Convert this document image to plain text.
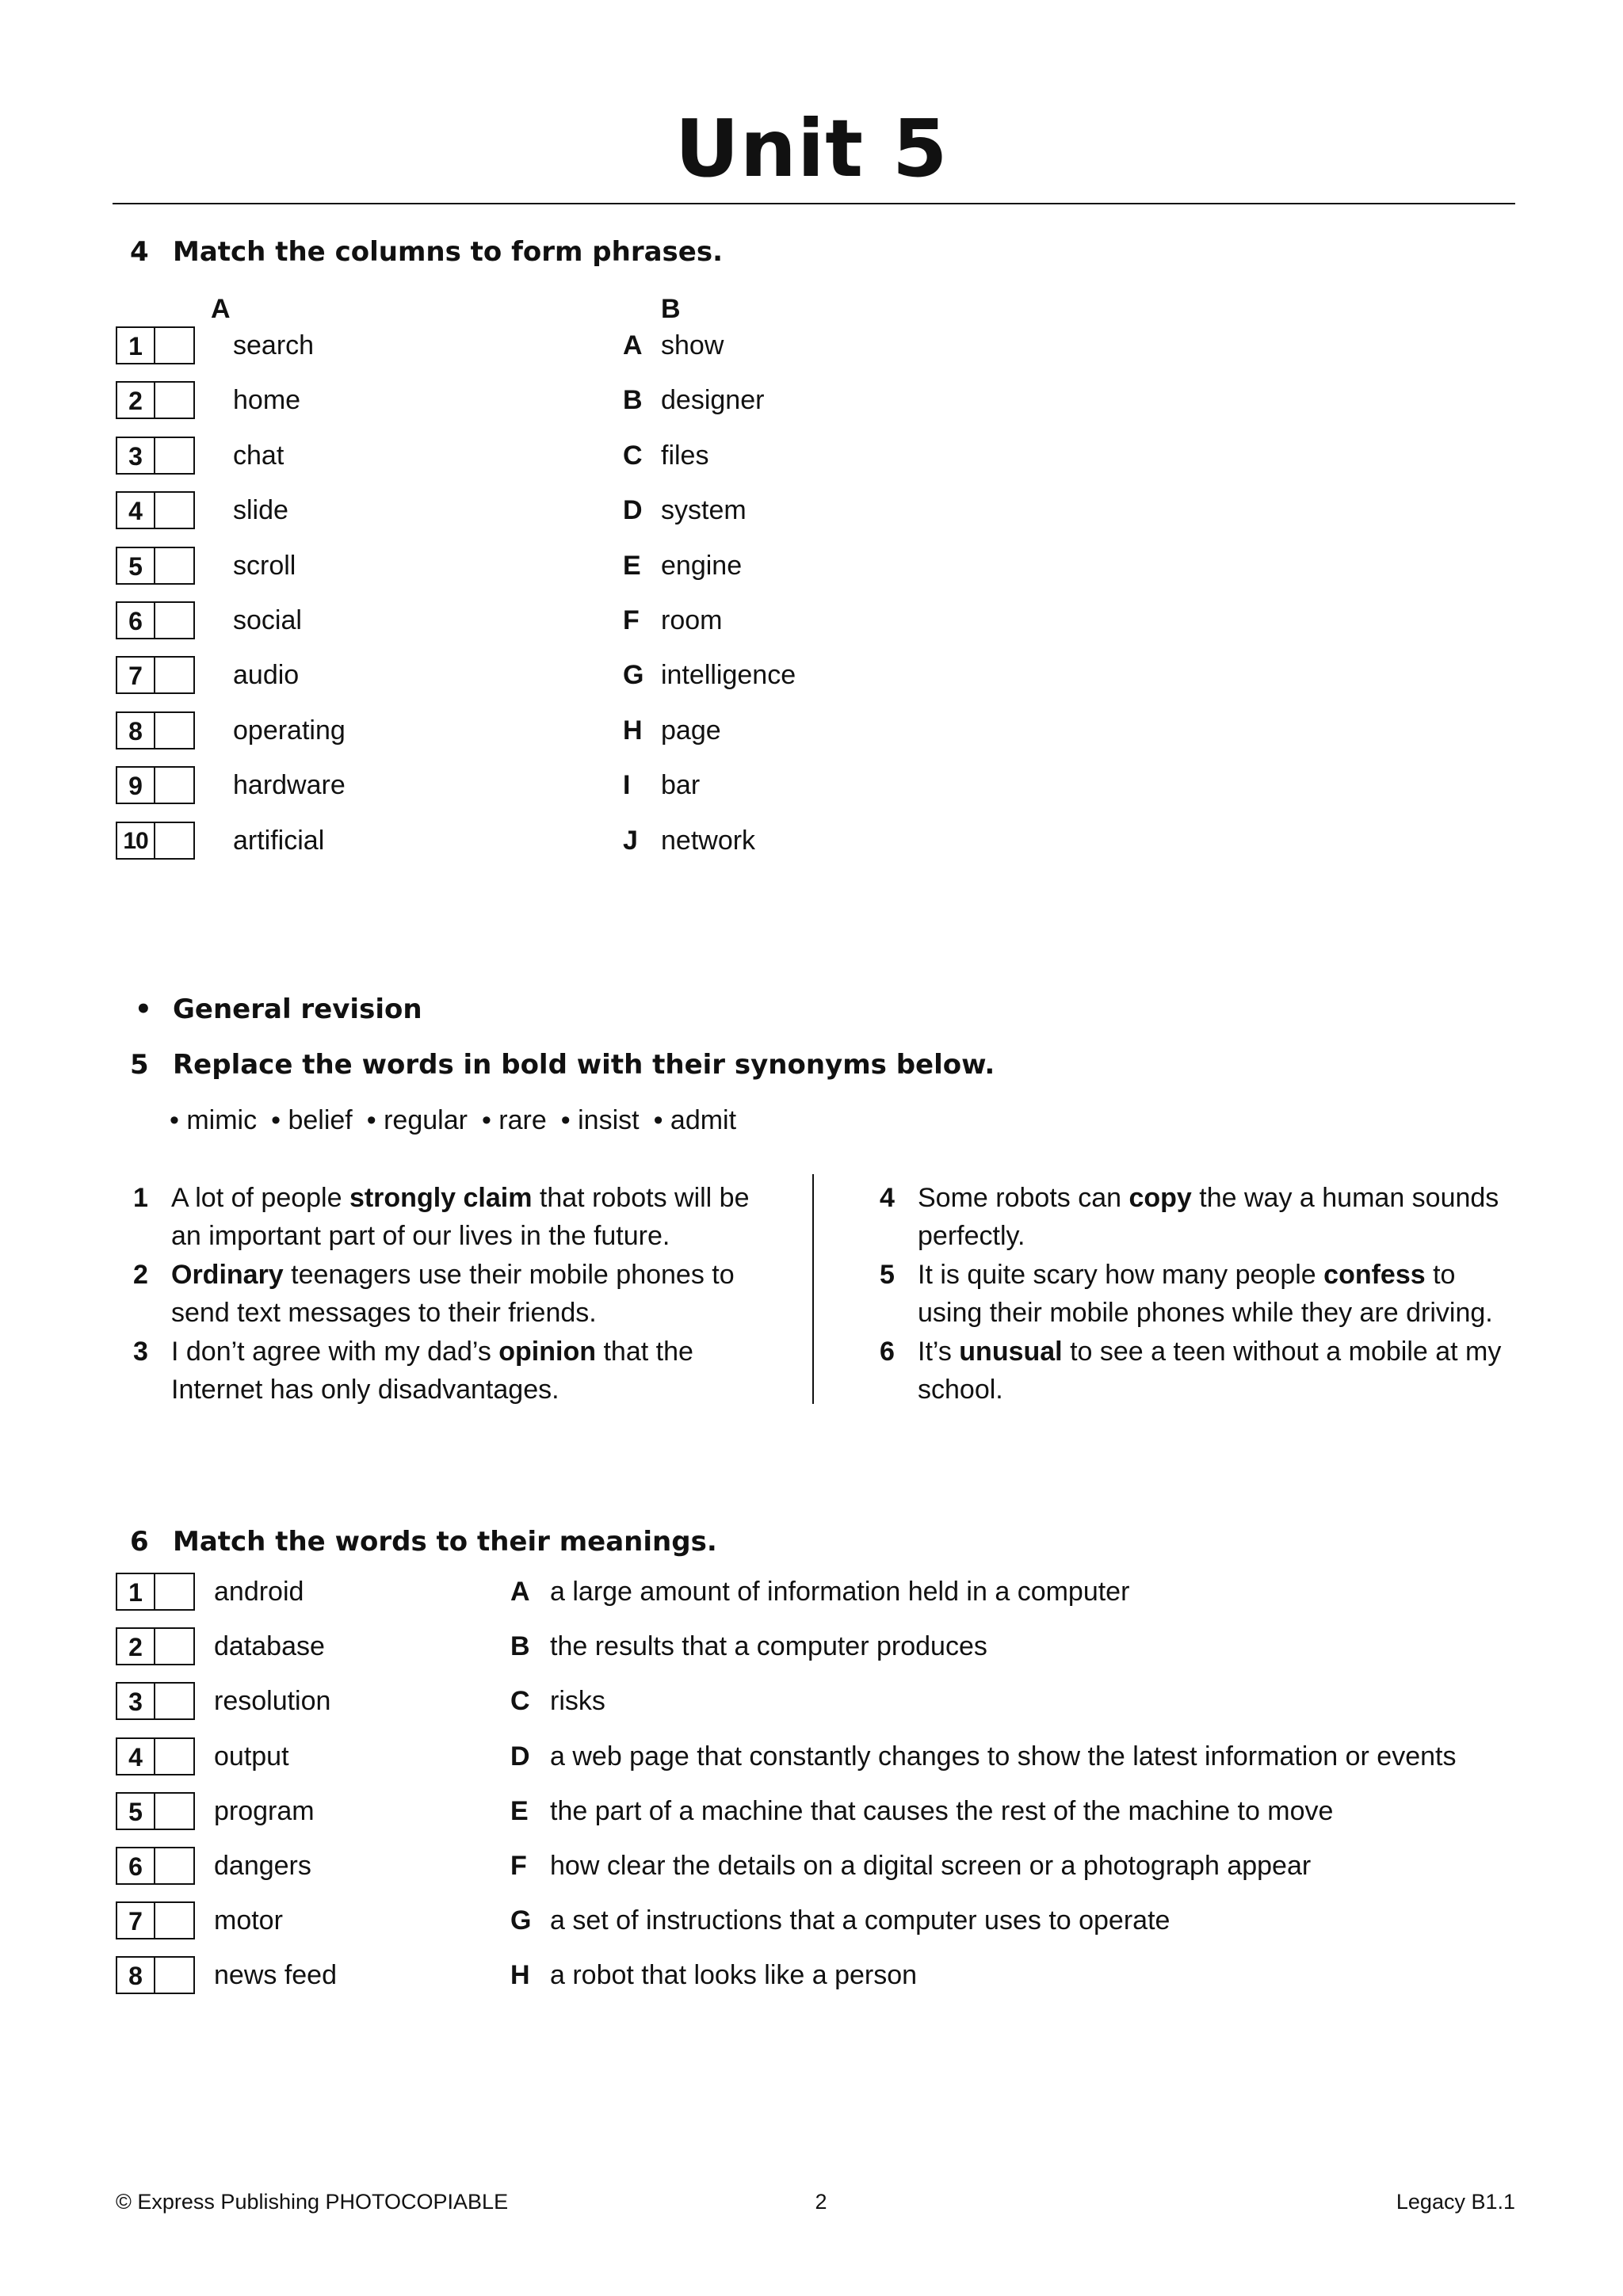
Unit 5
4 Match the columns to form phrases.
A	B
1	search	A show
2	home	B designer
3	chat	C files
4	slide	D system
5	scroll	E engine
6	social	F room
7	audio	G intelligence
8	operating	H page
9	hardware	I bar
10	artificial	J network
• General revision
5 Replace the words in bold with their synonyms below.
• mimic • belief • regular • rare • insist • admit
1 A lot of people strongly claim that robots will be
an important part of our lives in the future.
2 Ordinary teenagers use their mobile phones to
send text messages to their friends.
3 I don’t agree with my dad’s opinion that the
Internet has only disadvantages.
4 Some robots can copy the way a human sounds
perfectly.
5 It is quite scary how many people confess to
using their mobile phones while they are driving.
6 It’s unusual to see a teen without a mobile at my
school.
6 Match the words to their meanings.
1	android	A a large amount of information held in a computer
2	database	B the results that a computer produces
3	resolution	C risks
4	output	D a web page that constantly changes to show the latest information or events
5	program	E the part of a machine that causes the rest of the machine to move
6	dangers	F how clear the details on a digital screen or a photograph appear
7	motor	G a set of instructions that a computer uses to operate
8	news feed	H a robot that looks like a person
© Express Publishing PHOTOCOPIABLE	2	Legacy B1.1
